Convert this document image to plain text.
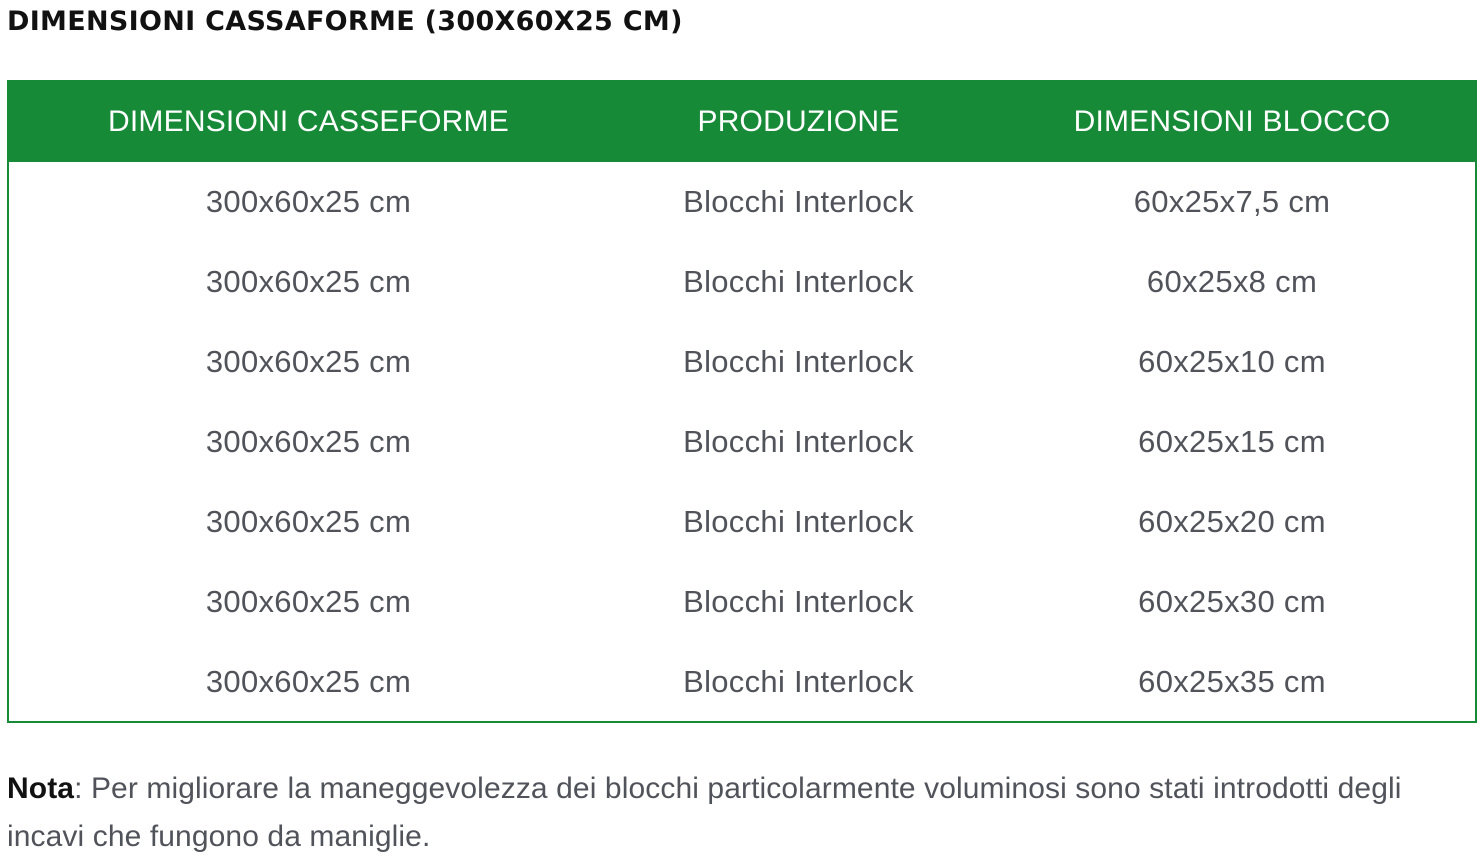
DIMENSIONI CASSAFORME (300X60X25 CM)
DIMENSIONI CASSEFORME	PRODUZIONE	DIMENSIONI BLOCCO
300x60x25 cm	Blocchi Interlock	60x25x7,5 cm
300x60x25 cm	Blocchi Interlock	60x25x8 cm
300x60x25 cm	Blocchi Interlock	60x25x10 cm
300x60x25 cm	Blocchi Interlock	60x25x15 cm
300x60x25 cm	Blocchi Interlock	60x25x20 cm
300x60x25 cm	Blocchi Interlock	60x25x30 cm
300x60x25 cm	Blocchi Interlock	60x25x35 cm
Nota: Per migliorare la maneggevolezza dei blocchi particolarmente voluminosi sono stati introdotti degli incavi che fungono da maniglie.
